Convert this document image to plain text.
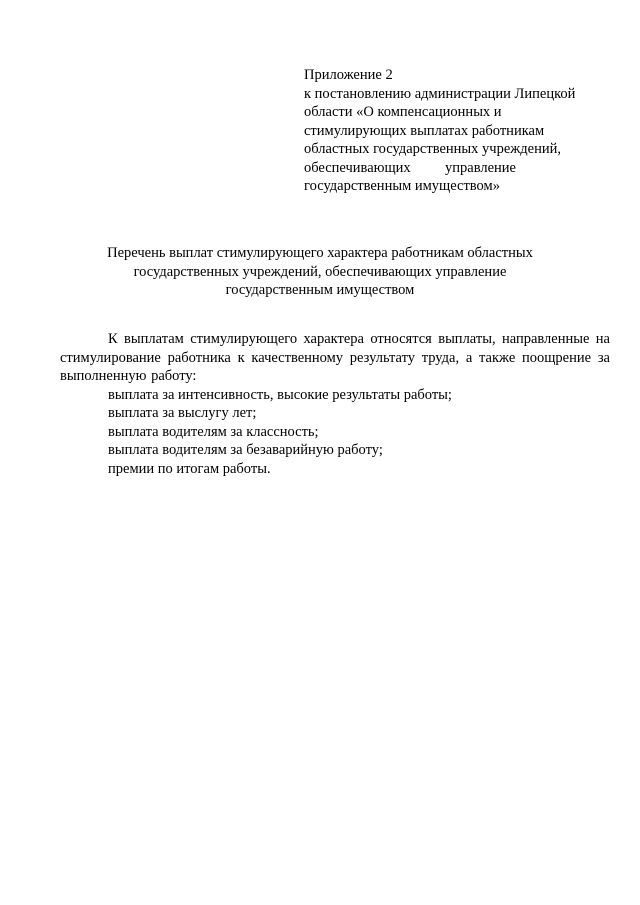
Приложение 2
к постановлению администрации Липецкой
области «О компенсационных и
стимулирующих выплатах работникам
областных государственных учреждений,
обеспечивающих управление
государственным имуществом»
Перечень выплат стимулирующего характера работникам областных
государственных учреждений, обеспечивающих управление
государственным имуществом

К выплатам стимулирующего характера относятся выплаты, направленные на стимулирование работника к качественному результату труда, а также поощрение за выполненную работу:

выплата за интенсивность, высокие результаты работы;
выплата за выслугу лет;
выплата водителям за классность;
выплата водителям за безаварийную работу;
премии по итогам работы.
